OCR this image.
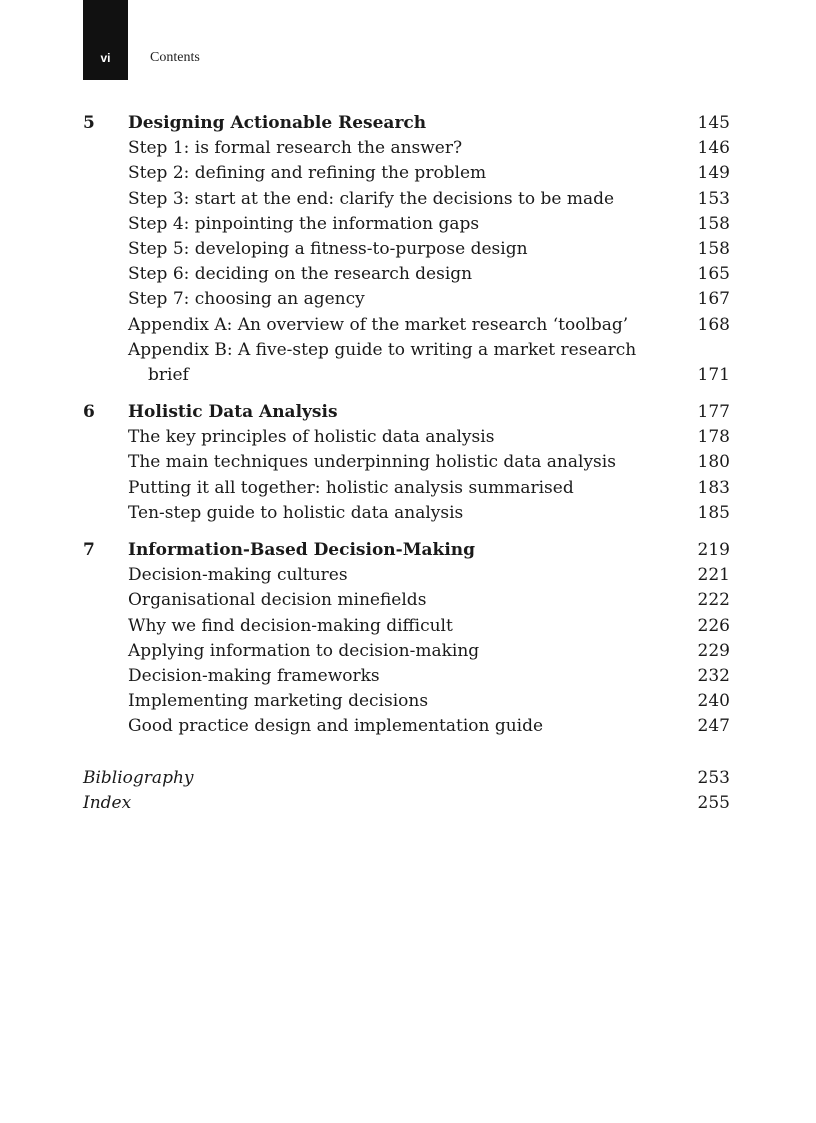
vi	Contents
5 Designing Actionable Research	145
Step 1: is formal research the answer?	146
Step 2: defining and refining the problem	149
Step 3: start at the end: clarify the decisions to be made	153
Step 4: pinpointing the information gaps	158
Step 5: developing a fitness-to-purpose design	158
Step 6: deciding on the research design	165
Step 7: choosing an agency	167
Appendix A: An overview of the market research ‘toolbag’	168
Appendix B: A five-step guide to writing a market research
brief	171
6 Holistic Data Analysis	177
The key principles of holistic data analysis	178
The main techniques underpinning holistic data analysis	180
Putting it all together: holistic analysis summarised	183
Ten-step guide to holistic data analysis	185
7 Information-Based Decision-Making	219
Decision-making cultures	221
Organisational decision minefields	222
Why we find decision-making difficult	226
Applying information to decision-making	229
Decision-making frameworks	232
Implementing marketing decisions	240
Good practice design and implementation guide	247
Bibliography	253
Index	255
